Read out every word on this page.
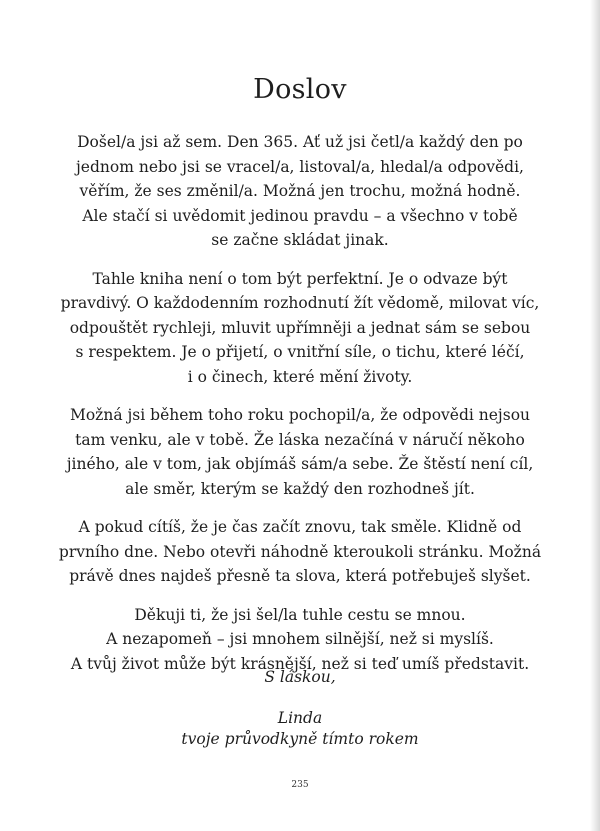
Doslov

Došel/a jsi až sem. Den 365. Ať už jsi četl/a každý den po
jednom nebo jsi se vracel/a, listoval/a, hledal/a odpovědi,
věřím, že ses změnil/a. Možná jen trochu, možná hodně.
Ale stačí si uvědomit jedinou pravdu – a všechno v tobě
se začne skládat jinak.

Tahle kniha není o tom být perfektní. Je o odvaze být
pravdivý. O každodenním rozhodnutí žít vědomě, milovat víc,
odpouštět rychleji, mluvit upřímněji a jednat sám se sebou
s respektem. Je o přijetí, o vnitřní síle, o tichu, které léčí,
i o činech, které mění životy.

Možná jsi během toho roku pochopil/a, že odpovědi nejsou
tam venku, ale v tobě. Že láska nezačíná v náručí někoho
jiného, ale v tom, jak objímáš sám/a sebe. Že štěstí není cíl,
ale směr, kterým se každý den rozhodneš jít.

A pokud cítíš, že je čas začít znovu, tak směle. Klidně od
prvního dne. Nebo otevři náhodně kteroukoli stránku. Možná
právě dnes najdeš přesně ta slova, která potřebuješ slyšet.

Děkuji ti, že jsi šel/la tuhle cestu se mnou.
A nezapomeň – jsi mnohem silnější, než si myslíš.
A tvůj život může být krásnější, než si teď umíš představit.

S láskou,
Linda
tvoje průvodkyně tímto rokem
235
